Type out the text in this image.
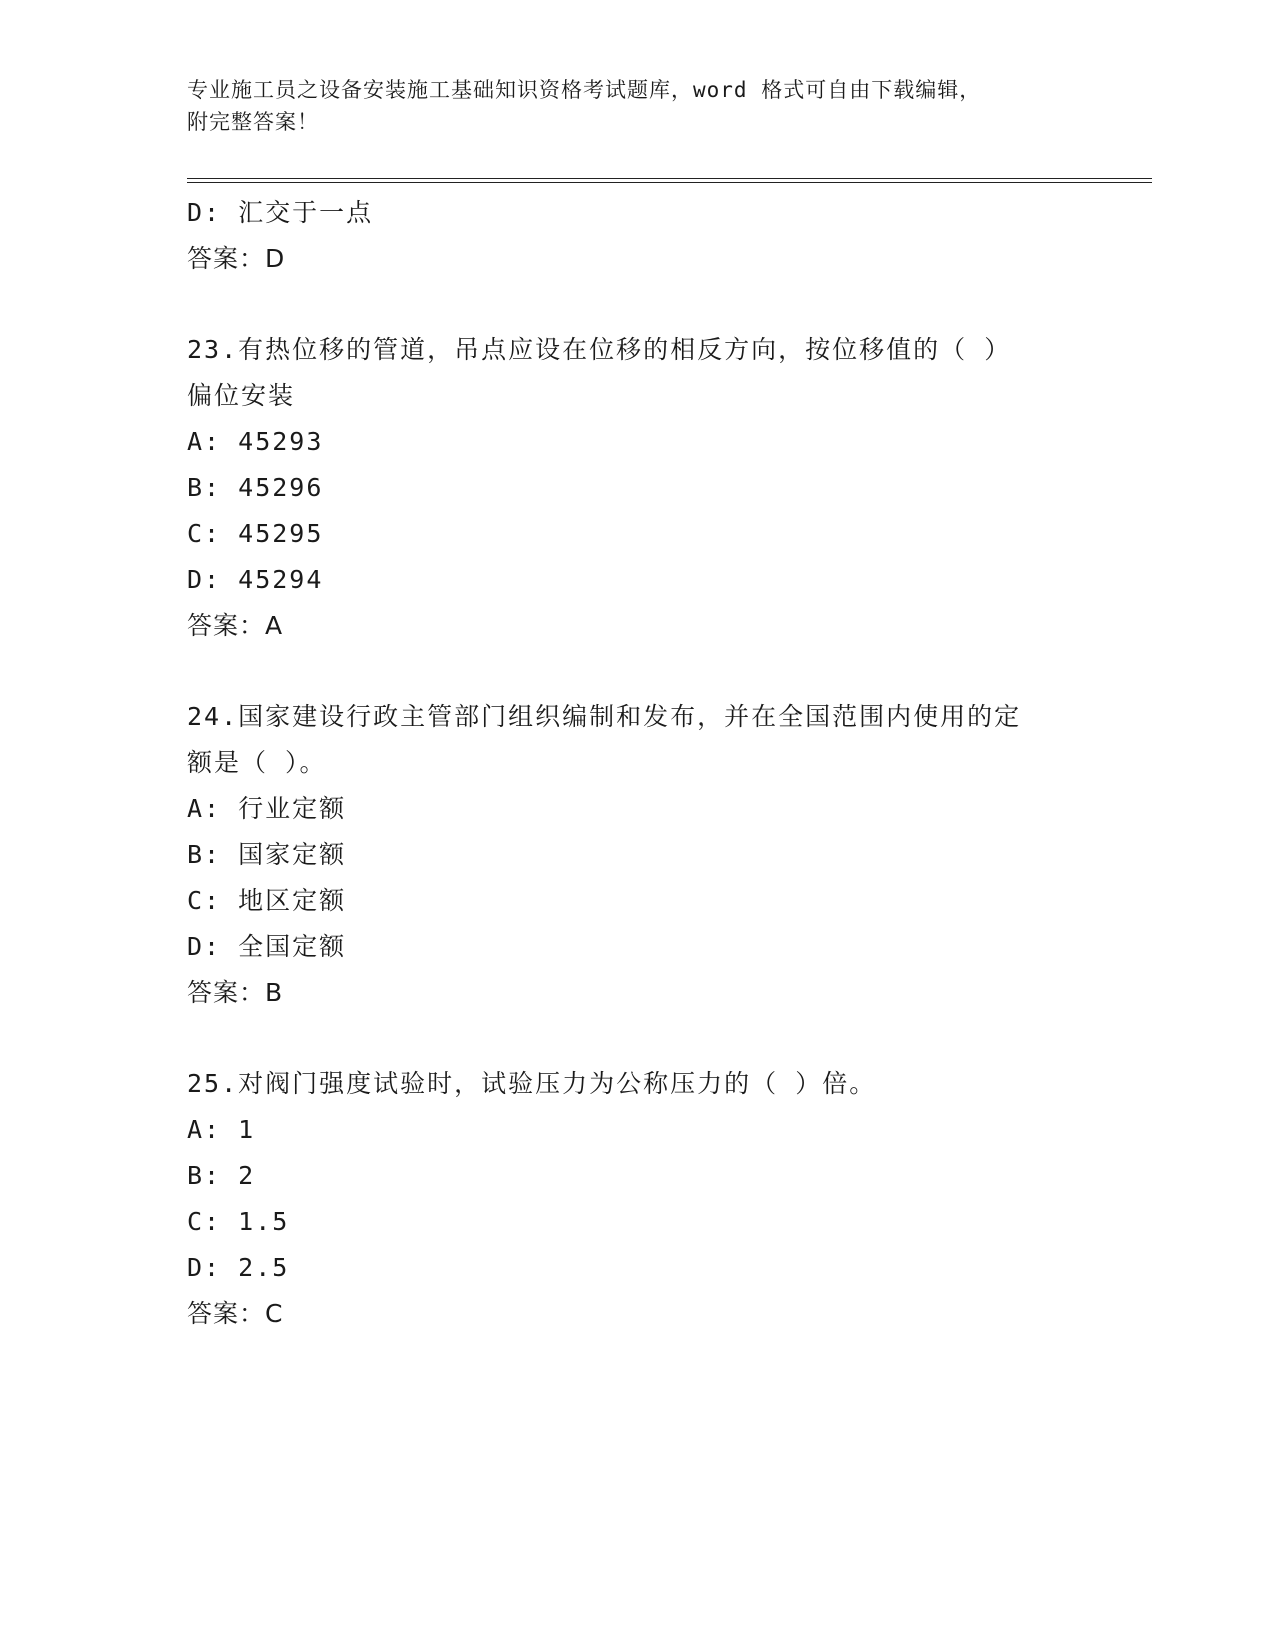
专业施工员之设备安装施工基础知识资格考试题库，word 格式可自由下载编辑，
附完整答案！
D: 汇交于一点
答案：D
23.有热位移的管道，吊点应设在位移的相反方向，按位移值的（ ）
偏位安装
A: 45293
B: 45296
C: 45295
D: 45294
答案：A
24.国家建设行政主管部门组织编制和发布，并在全国范围内使用的定
额是（ ）。
A: 行业定额
B: 国家定额
C: 地区定额
D: 全国定额
答案：B
25.对阀门强度试验时，试验压力为公称压力的（ ）倍。
A: 1
B: 2
C: 1.5
D: 2.5
答案：C
